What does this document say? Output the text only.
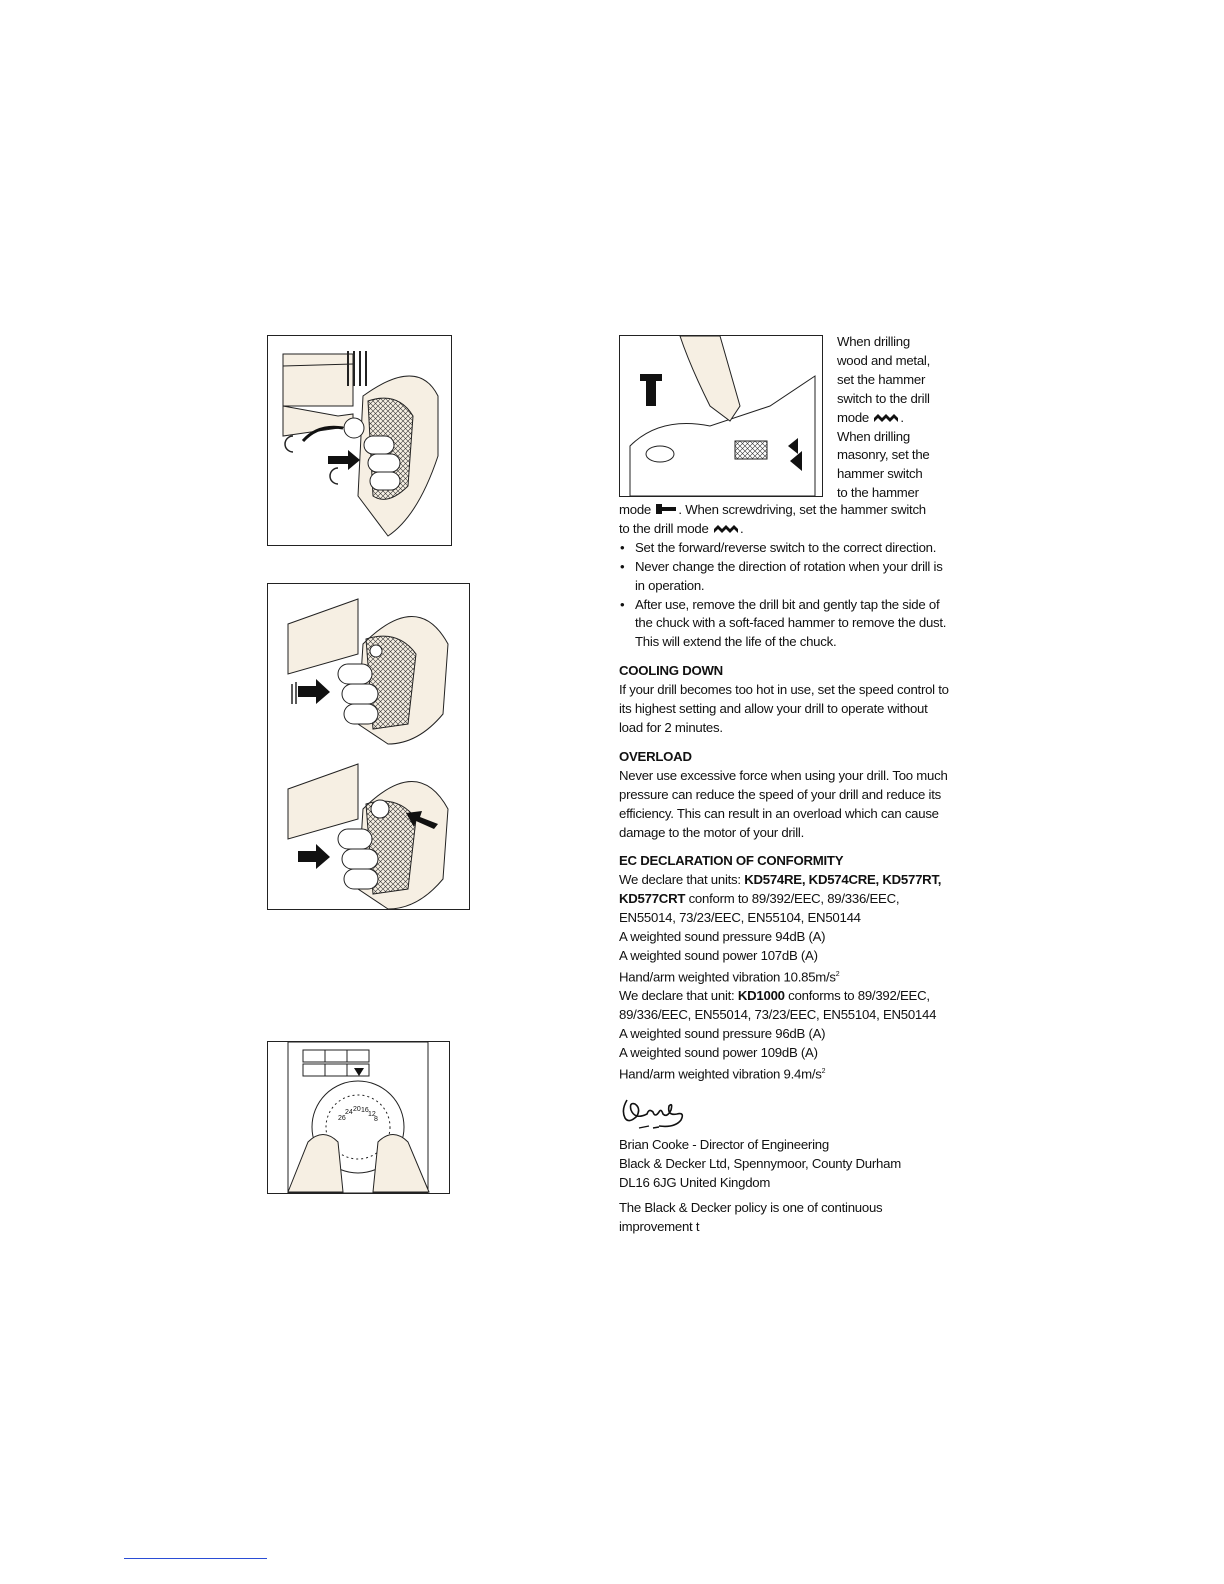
26
24 20 16
12
8
When drilling
wood and metal,
set the hammer
switch to the drill
mode .
When drilling
masonry, set the
hammer switch
to the hammer

mode . When screwdriving, set the hammer switch
to the drill mode .

• Set the forward/reverse switch to the correct direction.
• Never change the direction of rotation when your drill is in operation.
• After use, remove the drill bit and gently tap the side of the chuck with a soft-faced hammer to remove the dust. This will extend the life of the chuck.

COOLING DOWN

If your drill becomes too hot in use, set the speed control to its highest setting and allow your drill to operate without load for 2 minutes.

OVERLOAD

Never use excessive force when using your drill. Too much pressure can reduce the speed of your drill and reduce its efficiency. This can result in an overload which can cause damage to the motor of your drill.

EC DECLARATION OF CONFORMITY

We declare that units: KD574RE, KD574CRE, KD577RT, KD577CRT conform to 89/392/EEC, 89/336/EEC, EN55014, 73/23/EEC, EN55104, EN50144

A weighted sound pressure 94dB (A)

A weighted sound power 107dB (A)

Hand/arm weighted vibration $10.85m/s^2$

We declare that unit: KD1000 conforms to 89/392/EEC, 89/336/EEC, EN55014, 73/23/EEC, EN55104, EN50144

A weighted sound pressure 96dB (A)

A weighted sound power 109dB (A)

Hand/arm weighted vibration $9.4m/s^2$

Brian Cooke - Director of Engineering

Black & Decker Ltd, Spennymoor, County Durham

DL16 6JG United Kingdom

The Black & Decker policy is one of continuous improvement t
